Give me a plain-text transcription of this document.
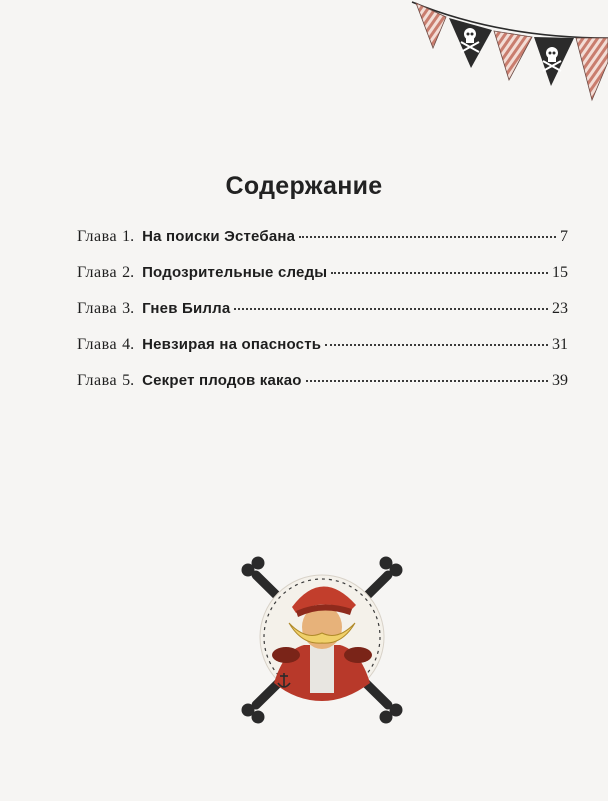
Содержание
Глава 1. На поиски Эстебана	7
Глава 2. Подозрительные следы	15
Глава 3. Гнев Билла	23
Глава 4. Невзирая на опасность	31
Глава 5. Секрет плодов какао	39
